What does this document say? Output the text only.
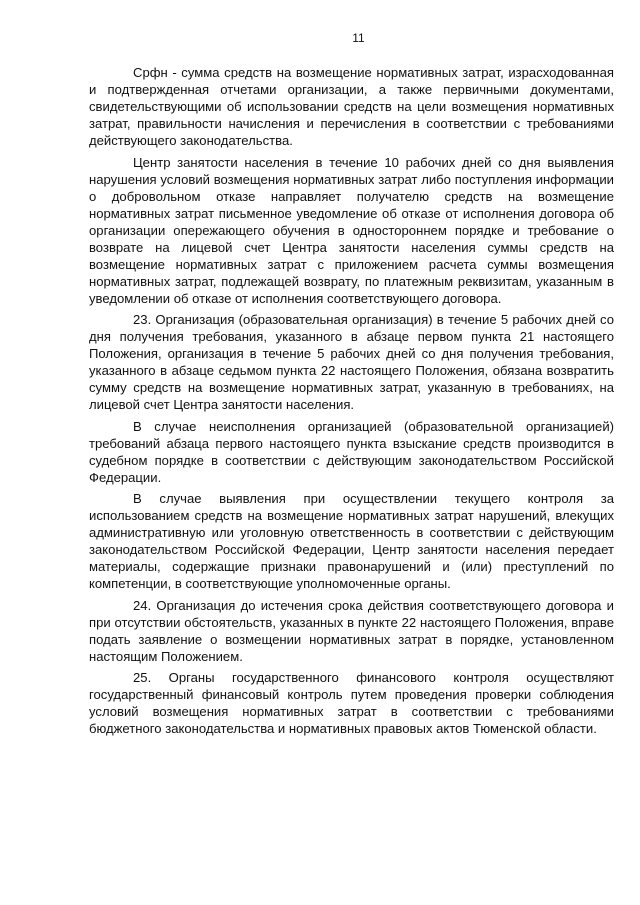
11

Срфн - сумма средств на возмещение нормативных затрат, израсходованная и подтвержденная отчетами организации, а также первичными документами, свидетельствующими об использовании средств на цели возмещения нормативных затрат, правильности начисления и перечисления в соответствии с требованиями действующего законодательства.

Центр занятости населения в течение 10 рабочих дней со дня выявления нарушения условий возмещения нормативных затрат либо поступления информации о добровольном отказе направляет получателю средств на возмещение нормативных затрат письменное уведомление об отказе от исполнения договора об организации опережающего обучения в одностороннем порядке и требование о возврате на лицевой счет Центра занятости населения суммы средств на возмещение нормативных затрат с приложением расчета суммы возмещения нормативных затрат, подлежащей возврату, по платежным реквизитам, указанным в уведомлении об отказе от исполнения соответствующего договора.

23. Организация (образовательная организация) в течение 5 рабочих дней со дня получения требования, указанного в абзаце первом пункта 21 настоящего Положения, организация в течение 5 рабочих дней со дня получения требования, указанного в абзаце седьмом пункта 22 настоящего Положения, обязана возвратить сумму средств на возмещение нормативных затрат, указанную в требованиях, на лицевой счет Центра занятости населения.

В случае неисполнения организацией (образовательной организацией) требований абзаца первого настоящего пункта взыскание средств производится в судебном порядке в соответствии с действующим законодательством Российской Федерации.

В случае выявления при осуществлении текущего контроля за использованием средств на возмещение нормативных затрат нарушений, влекущих административную или уголовную ответственность в соответствии с действующим законодательством Российской Федерации, Центр занятости населения передает материалы, содержащие признаки правонарушений и (или) преступлений по компетенции, в соответствующие уполномоченные органы.

24. Организация до истечения срока действия соответствующего договора и при отсутствии обстоятельств, указанных в пункте 22 настоящего Положения, вправе подать заявление о возмещении нормативных затрат в порядке, установленном настоящим Положением.

25. Органы государственного финансового контроля осуществляют государственный финансовый контроль путем проведения проверки соблюдения условий возмещения нормативных затрат в соответствии с требованиями бюджетного законодательства и нормативных правовых актов Тюменской области.
